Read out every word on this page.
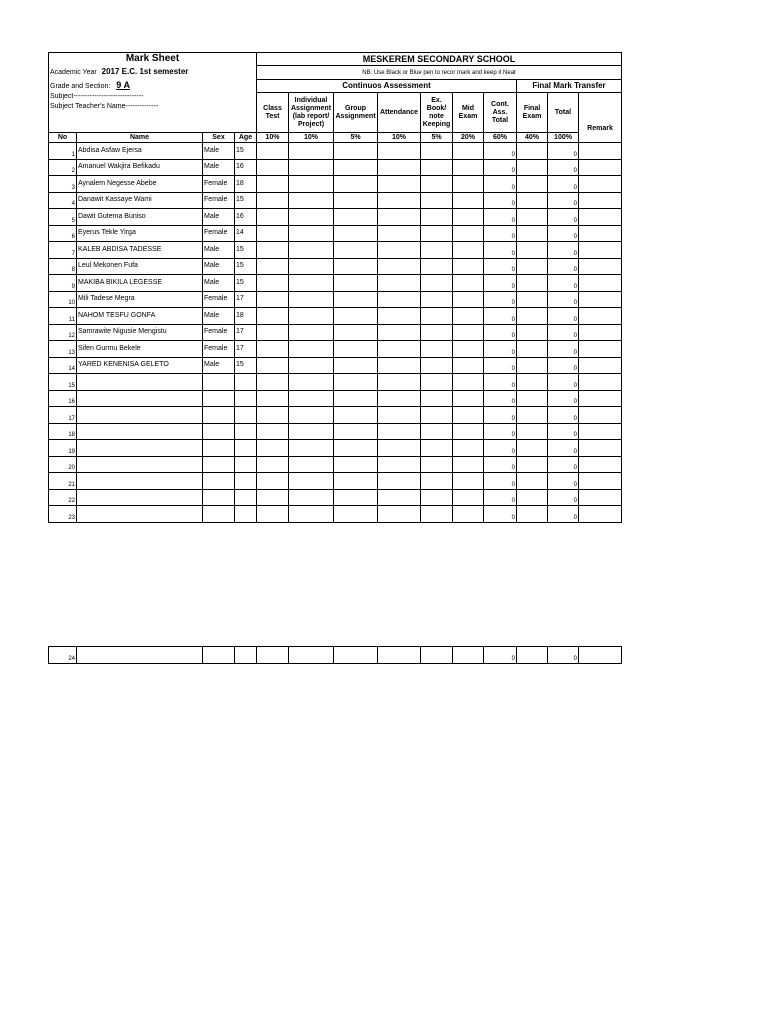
Mark Sheet				MESKEREM SECONDARY SCHOOL									
Academic Year 2017 E.C. 1st semester				NB: Use Black or Blue pen to recor mark and keep it Neat									
Grade and Section: 9 A				Continuos Assessment							Final Mark Transfer		

Subject------------------------------
Subject Teacher's Name--------------				Class Test	Individual Assignment (lab report/ Project)	Group Assignment	Attendance	Ex. Book/ note Keeping	Mid Exam	Cont. Ass. Total	Final Exam	Total	Remark
No	Name	Sex	Age	10%	10%	5%	10%	5%	20%	60%	40%	100%	
1	Abdisa Asfaw Ejersa	Male	15							0		0	
2	Amanuel Wakjira Befikadu	Male	16							0		0	
3	Aynalem Negesse Abebe	Female	18							0		0	
4	Danawit Kassaye Wami	Female	15							0		0	
5	Dawit Gutema Buniso	Male	16							0		0	
6	Eyerus Tekle Yirga	Female	14							0		0	
7	KALEB ABDISA TADESSE	Male	15							0		0	
8	Leul Mekonen Fufa	Male	15							0		0	
9	MAKIBA BIKILA LEGESSE	Male	15							0		0	
10	Mili Tadese Megra	Female	17							0		0	
11	NAHOM TESFU GONFA	Male	18							0		0	
12	Samrawite Nigusie Mengistu	Female	17							0		0	
13	Sifen Gurmu Bekele	Female	17							0		0	
14	YARED KENENISA GELETO	Male	15							0		0	
15										0		0	
16										0		0	
17										0		0	
18										0		0	
19										0		0	
20										0		0	
21										0		0	
22										0		0	
23										0		0	
24										0		0	
